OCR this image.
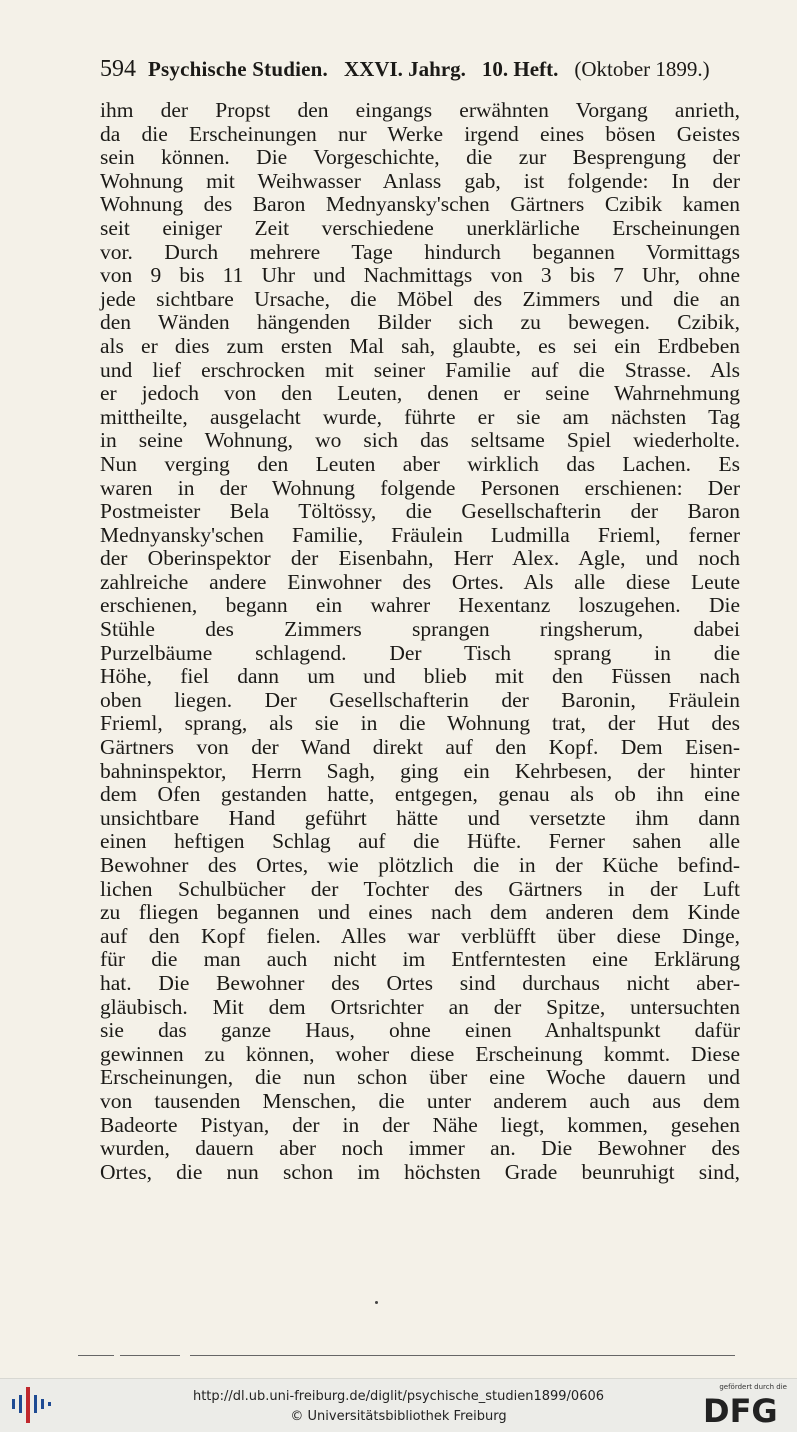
594 Psychische Studien. XXVI. Jahrg. 10. Heft. (Oktober 1899.)
ihm der Propst den eingangs erwähnten Vorgang anrieth,
da die Erscheinungen nur Werke irgend eines bösen Geistes
sein können. Die Vorgeschichte, die zur Besprengung der
Wohnung mit Weihwasser Anlass gab, ist folgende: In der
Wohnung des Baron Mednyansky'schen Gärtners Czibik kamen
seit einiger Zeit verschiedene unerklärliche Erscheinungen
vor. Durch mehrere Tage hindurch begannen Vormittags
von 9 bis 11 Uhr und Nachmittags von 3 bis 7 Uhr, ohne
jede sichtbare Ursache, die Möbel des Zimmers und die an
den Wänden hängenden Bilder sich zu bewegen. Czibik,
als er dies zum ersten Mal sah, glaubte, es sei ein Erdbeben
und lief erschrocken mit seiner Familie auf die Strasse. Als
er jedoch von den Leuten, denen er seine Wahrnehmung
mittheilte, ausgelacht wurde, führte er sie am nächsten Tag
in seine Wohnung, wo sich das seltsame Spiel wiederholte.
Nun verging den Leuten aber wirklich das Lachen. Es
waren in der Wohnung folgende Personen erschienen: Der
Postmeister Bela Töltössy, die Gesellschafterin der Baron
Mednyansky'schen Familie, Fräulein Ludmilla Frieml, ferner
der Oberinspektor der Eisenbahn, Herr Alex. Agle, und noch
zahlreiche andere Einwohner des Ortes. Als alle diese Leute
erschienen, begann ein wahrer Hexentanz loszugehen. Die
Stühle des Zimmers sprangen ringsherum, dabei
Purzelbäume schlagend. Der Tisch sprang in die
Höhe, fiel dann um und blieb mit den Füssen nach
oben liegen. Der Gesellschafterin der Baronin, Fräulein
Frieml, sprang, als sie in die Wohnung trat, der Hut des
Gärtners von der Wand direkt auf den Kopf. Dem Eisen-
bahninspektor, Herrn Sagh, ging ein Kehrbesen, der hinter
dem Ofen gestanden hatte, entgegen, genau als ob ihn eine
unsichtbare Hand geführt hätte und versetzte ihm dann
einen heftigen Schlag auf die Hüfte. Ferner sahen alle
Bewohner des Ortes, wie plötzlich die in der Küche befind-
lichen Schulbücher der Tochter des Gärtners in der Luft
zu fliegen begannen und eines nach dem anderen dem Kinde
auf den Kopf fielen. Alles war verblüfft über diese Dinge,
für die man auch nicht im Entferntesten eine Erklärung
hat. Die Bewohner des Ortes sind durchaus nicht aber-
gläubisch. Mit dem Ortsrichter an der Spitze, untersuchten
sie das ganze Haus, ohne einen Anhaltspunkt dafür
gewinnen zu können, woher diese Erscheinung kommt. Diese
Erscheinungen, die nun schon über eine Woche dauern und
von tausenden Menschen, die unter anderem auch aus dem
Badeorte Pistyan, der in der Nähe liegt, kommen, gesehen
wurden, dauern aber noch immer an. Die Bewohner des
Ortes, die nun schon im höchsten Grade beunruhigt sind,
http://dl.ub.uni-freiburg.de/diglit/psychische_studien1899/0606
© Universitätsbibliothek Freiburg
gefördert durch die
DFG
